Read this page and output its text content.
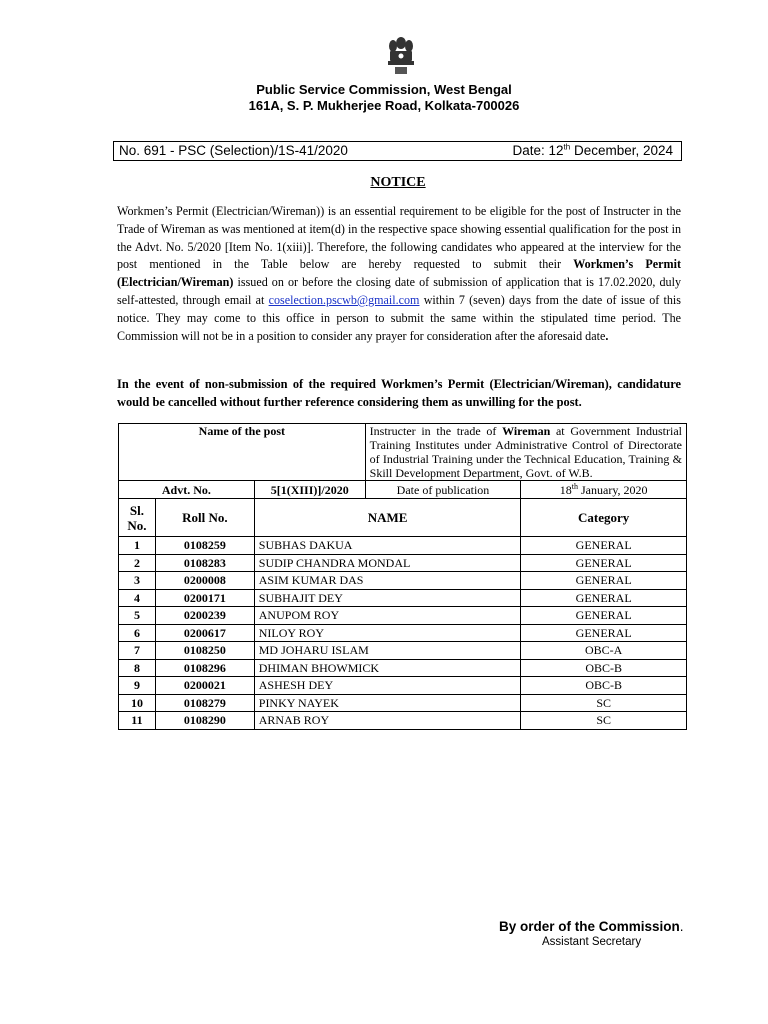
Public Service Commission, West Bengal
161A, S. P. Mukherjee Road, Kolkata-700026
No. 691 - PSC (Selection)/1S-41/2020	Date: 12th December, 2024
NOTICE
Workmen’s Permit (Electrician/Wireman)) is an essential requirement to be eligible for the post of Instructer in the Trade of Wireman as was mentioned at item(d) in the respective space showing essential qualification for the post in the Advt. No. 5/2020 [Item No. 1(xiii)]. Therefore, the following candidates who appeared at the interview for the post mentioned in the Table below are hereby requested to submit their Workmen’s Permit (Electrician/Wireman) issued on or before the closing date of submission of application that is 17.02.2020, duly self-attested, through email at coselection.pscwb@gmail.com within 7 (seven) days from the date of issue of this notice. They may come to this office in person to submit the same within the stipulated time period. The Commission will not be in a position to consider any prayer for consideration after the aforesaid date.
In the event of non-submission of the required Workmen’s Permit (Electrician/Wireman), candidature would be cancelled without further reference considering them as unwilling for the post.
Name of the post			Instructer in the trade of Wireman at Government Industrial Training Institutes under Administrative Control of Directorate of Industrial Training under the Technical Education, Training & Skill Development Department, Govt. of W.B.	
Advt. No.		5[1(XIII)]/2020	Date of publication	18th January, 2020
Sl.
No.	Roll No.	NAME		Category
1	0108259	SUBHAS DAKUA		GENERAL
2	0108283	SUDIP CHANDRA MONDAL		GENERAL
3	0200008	ASIM KUMAR DAS		GENERAL
4	0200171	SUBHAJIT DEY		GENERAL
5	0200239	ANUPOM ROY		GENERAL
6	0200617	NILOY ROY		GENERAL
7	0108250	MD JOHARU ISLAM		OBC-A
8	0108296	DHIMAN BHOWMICK		OBC-B
9	0200021	ASHESH DEY		OBC-B
10	0108279	PINKY NAYEK		SC
11	0108290	ARNAB ROY		SC
By order of the Commission.
Assistant Secretary
